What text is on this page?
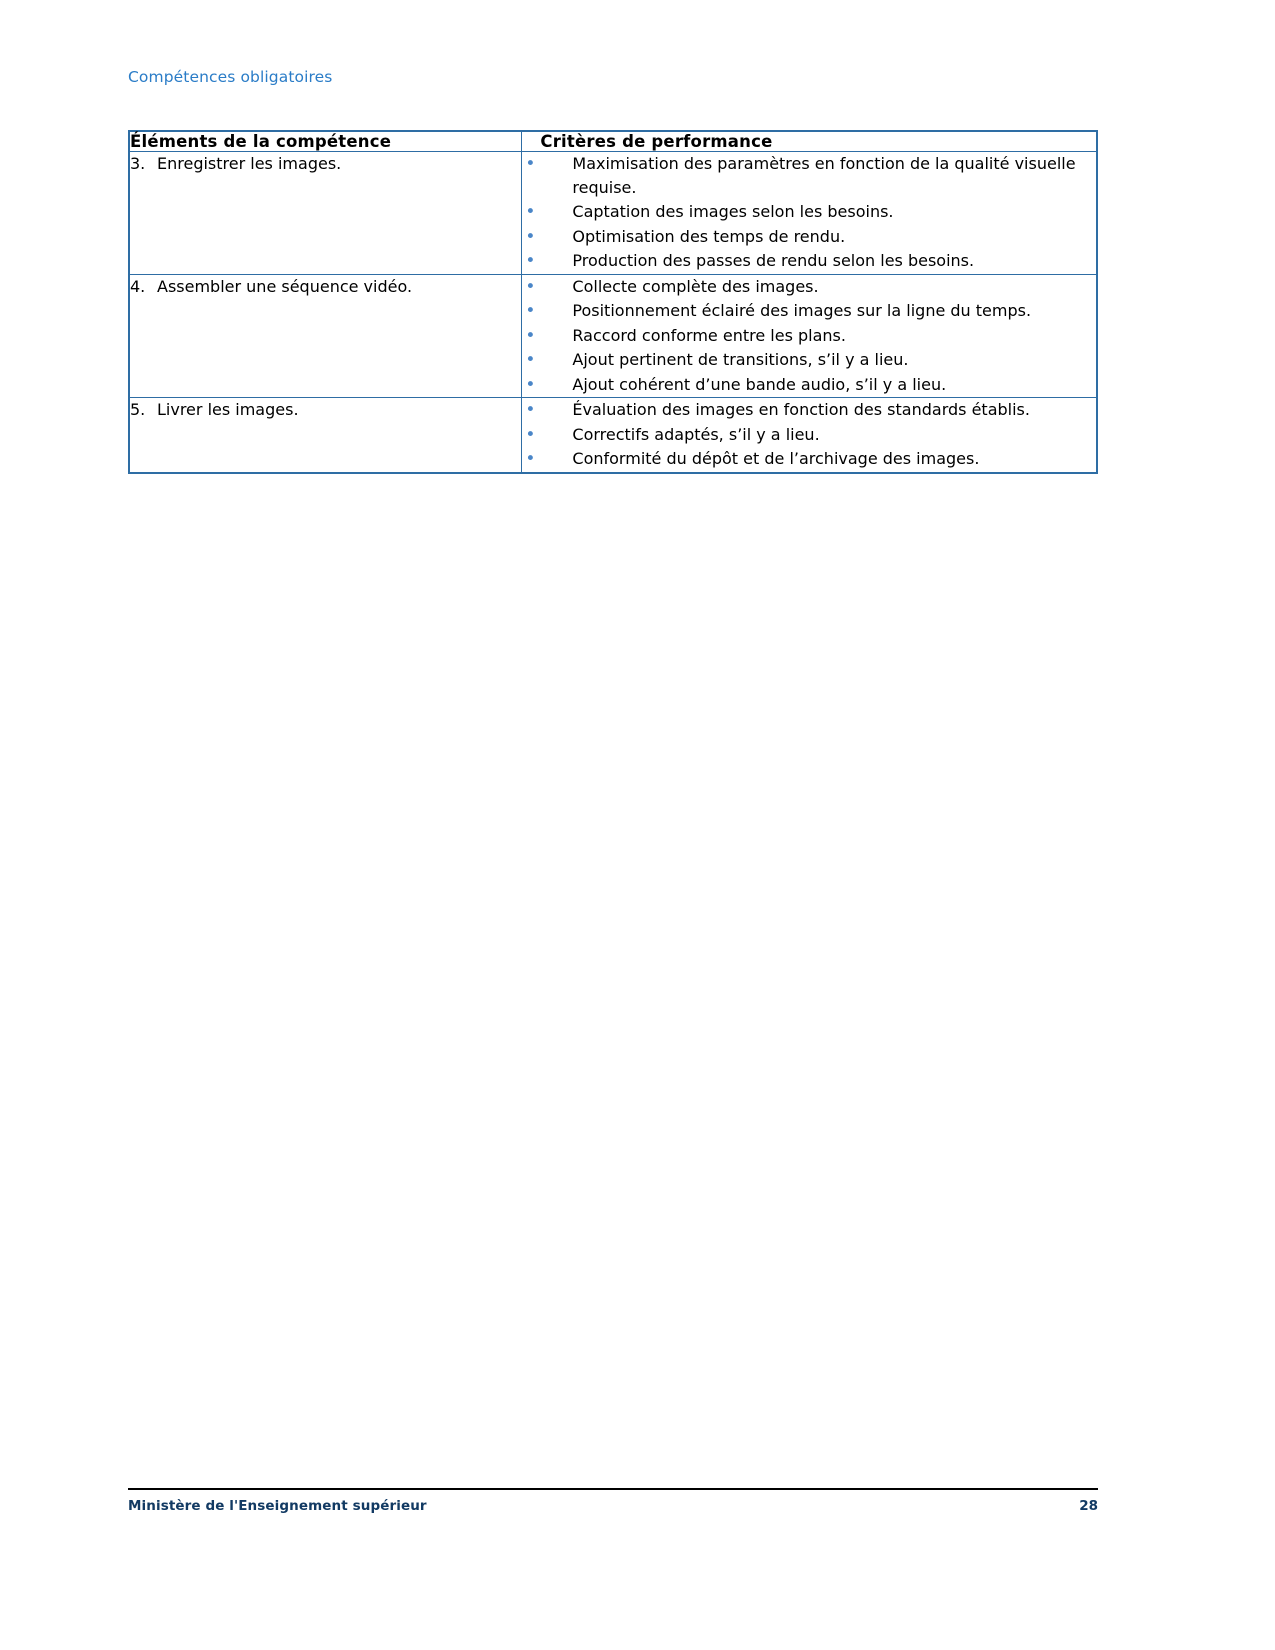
Compétences obligatoires
Éléments de la compétence	Critères de performance

3. Enregistrer les images.	• Maximisation des paramètres en fonction de la qualité visuelle requise.
• Captation des images selon les besoins.
• Optimisation des temps de rendu.
• Production des passes de rendu selon les besoins.

4. Assembler une séquence vidéo.	• Collecte complète des images.
• Positionnement éclairé des images sur la ligne du temps.
• Raccord conforme entre les plans.
• Ajout pertinent de transitions, s’il y a lieu.
• Ajout cohérent d’une bande audio, s’il y a lieu.

5. Livrer les images.	• Évaluation des images en fonction des standards établis.
• Correctifs adaptés, s’il y a lieu.
• Conformité du dépôt et de l’archivage des images.
Ministère de l'Enseignement supérieur	28
